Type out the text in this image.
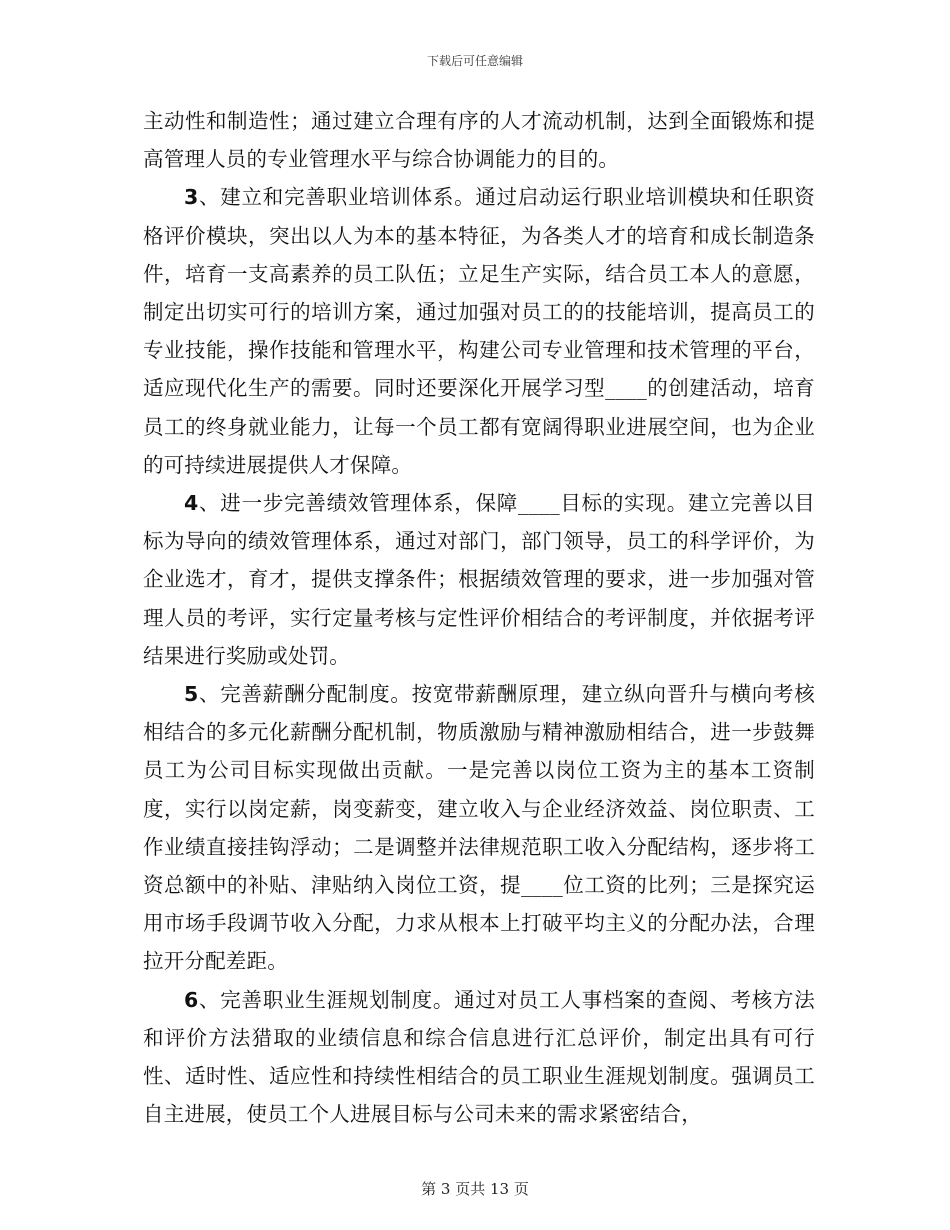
下载后可任意编辑

主动性和制造性；通过建立合理有序的人才流动机制，达到全面锻炼和提高管理人员的专业管理水平与综合协调能力的目的。

3、建立和完善职业培训体系。通过启动运行职业培训模块和任职资格评价模块，突出以人为本的基本特征，为各类人才的培育和成长制造条件，培育一支高素养的员工队伍；立足生产实际，结合员工本人的意愿，制定出切实可行的培训方案，通过加强对员工的的技能培训，提高员工的专业技能，操作技能和管理水平，构建公司专业管理和技术管理的平台，适应现代化生产的需要。同时还要深化开展学习型____的创建活动，培育员工的终身就业能力，让每一个员工都有宽阔得职业进展空间，也为企业的可持续进展提供人才保障。

4、进一步完善绩效管理体系，保障____目标的实现。建立完善以目标为导向的绩效管理体系，通过对部门，部门领导，员工的科学评价，为企业选才，育才，提供支撑条件；根据绩效管理的要求，进一步加强对管理人员的考评，实行定量考核与定性评价相结合的考评制度，并依据考评结果进行奖励或处罚。

5、完善薪酬分配制度。按宽带薪酬原理，建立纵向晋升与横向考核相结合的多元化薪酬分配机制，物质激励与精神激励相结合，进一步鼓舞员工为公司目标实现做出贡献。一是完善以岗位工资为主的基本工资制度，实行以岗定薪，岗变薪变，建立收入与企业经济效益、岗位职责、工作业绩直接挂钩浮动；二是调整并法律规范职工收入分配结构，逐步将工资总额中的补贴、津贴纳入岗位工资，提____位工资的比列；三是探究运用市场手段调节收入分配，力求从根本上打破平均主义的分配办法，合理拉开分配差距。

6、完善职业生涯规划制度。通过对员工人事档案的查阅、考核方法和评价方法猎取的业绩信息和综合信息进行汇总评价，制定出具有可行性、适时性、适应性和持续性相结合的员工职业生涯规划制度。强调员工自主进展，使员工个人进展目标与公司未来的需求紧密结合，

第 3 页共 13 页
